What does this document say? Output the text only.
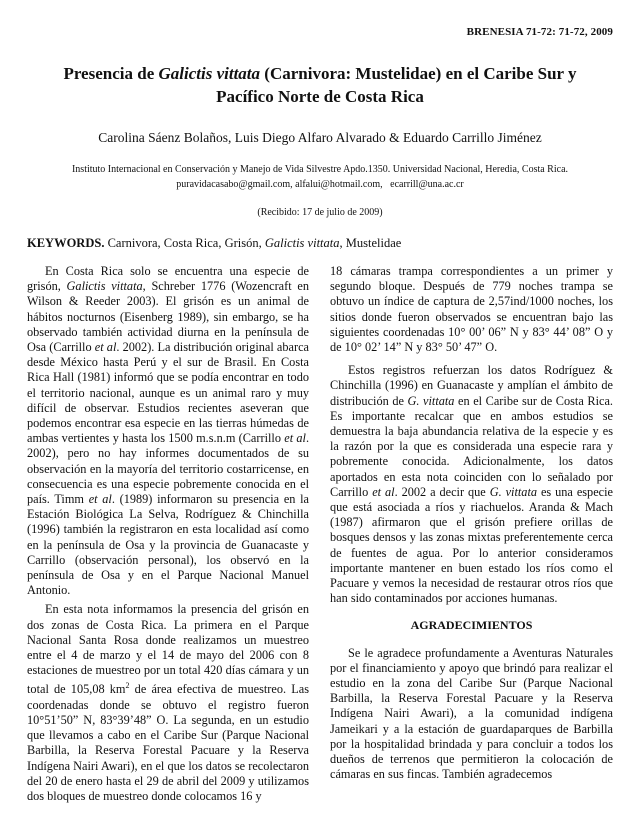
BRENESIA 71-72: 71-72, 2009
Presencia de Galictis vittata (Carnivora: Mustelidae) en el Caribe Sur y
Pacífico Norte de Costa Rica
Carolina Sáenz Bolaños, Luis Diego Alfaro Alvarado & Eduardo Carrillo Jiménez
Instituto Internacional en Conservación y Manejo de Vida Silvestre Apdo.1350. Universidad Nacional, Heredia, Costa Rica.
puravidacasabo@gmail.com, alfalui@hotmail.com,   ecarrill@una.ac.cr
(Recibido: 17 de julio de 2009)
KEYWORDS. Carnivora, Costa Rica, Grisón, Galictis vittata, Mustelidae

En Costa Rica solo se encuentra una especie de grisón, Galictis vittata, Schreber 1776 (Wozencraft en Wilson & Reeder 2003). El grisón es un animal de hábitos nocturnos (Eisenberg 1989), sin embargo, se ha observado también actividad diurna en la península de Osa (Carrillo et al. 2002). La distribución original abarca desde México hasta Perú y el sur de Brasil. En Costa Rica Hall (1981) informó que se podía encontrar en todo el territorio nacional, aunque es un animal raro y muy difícil de observar. Estudios recientes aseveran que podemos encontrar esa especie en las tierras húmedas de ambas vertientes y hasta los 1500 m.s.n.m (Carrillo et al. 2002), pero no hay informes documentados de su observación en la mayoría del territorio costarricense, en consecuencia es una especie pobremente conocida en el país. Timm et al. (1989) informaron su presencia en la Estación Biológica La Selva, Rodríguez & Chinchilla (1996) también la registraron en esta localidad así como en la península de Osa y la provincia de Guanacaste y Carrillo (observación personal), los observó en la península de Osa y en el Parque Nacional Manuel Antonio.

En esta nota informamos la presencia del grisón en dos zonas de Costa Rica. La primera en el Parque Nacional Santa Rosa donde realizamos un muestreo entre el 4 de marzo y el 14 de mayo del 2006 con 8 estaciones de muestreo por un total 420 días cámara y un total de 105,08 $km^2$ de área efectiva de muestreo. Las coordenadas donde se obtuvo el registro fueron 10°51’50” N, 83°39’48” O. La segunda, en un estudio que llevamos a cabo en el Caribe Sur (Parque Nacional Barbilla, la Reserva Forestal Pacuare y la Reserva Indígena Nairi Awari), en el que los datos se recolectaron del 20 de enero hasta el 29 de abril del 2009 y utilizamos dos bloques de muestreo donde colocamos 16 y

18 cámaras trampa correspondientes a un primer y segundo bloque. Después de 779 noches trampa se obtuvo un índice de captura de 2,57ind/1000 noches, los sitios donde fueron observados se encuentran bajo las siguientes coordenadas 10° 00’ 06” N y 83° 44’ 08” O y de 10° 02’ 14” N y 83° 50’ 47” O.

Estos registros refuerzan los datos Rodríguez & Chinchilla (1996) en Guanacaste y amplían el ámbito de distribución de G. vittata en el Caribe sur de Costa Rica. Es importante recalcar que en ambos estudios se demuestra la baja abundancia relativa de la especie y es la razón por la que es considerada una especie rara y pobremente conocida. Adicionalmente, los datos aportados en esta nota coinciden con lo señalado por Carrillo et al. 2002 a decir que G. vittata es una especie que está asociada a ríos y riachuelos. Aranda & Mach (1987) afirmaron que el grisón prefiere orillas de bosques densos y las zonas mixtas preferentemente cerca de fuentes de agua. Por lo anterior consideramos importante mantener en buen estado los ríos como el Pacuare y vemos la necesidad de restaurar otros ríos que han sido contaminados por acciones humanas.

AGRADECIMIENTOS

Se le agradece profundamente a Aventuras Naturales por el financiamiento y apoyo que brindó para realizar el estudio en la zona del Caribe Sur (Parque Nacional Barbilla, la Reserva Forestal Pacuare y la Reserva Indígena Nairi Awari), a la comunidad indígena Jameikari y a la estación de guardaparques de Barbilla por la hospitalidad brindada y para concluir a todos los dueños de terrenos que permitieron la colocación de cámaras en sus fincas. También agradecemos
